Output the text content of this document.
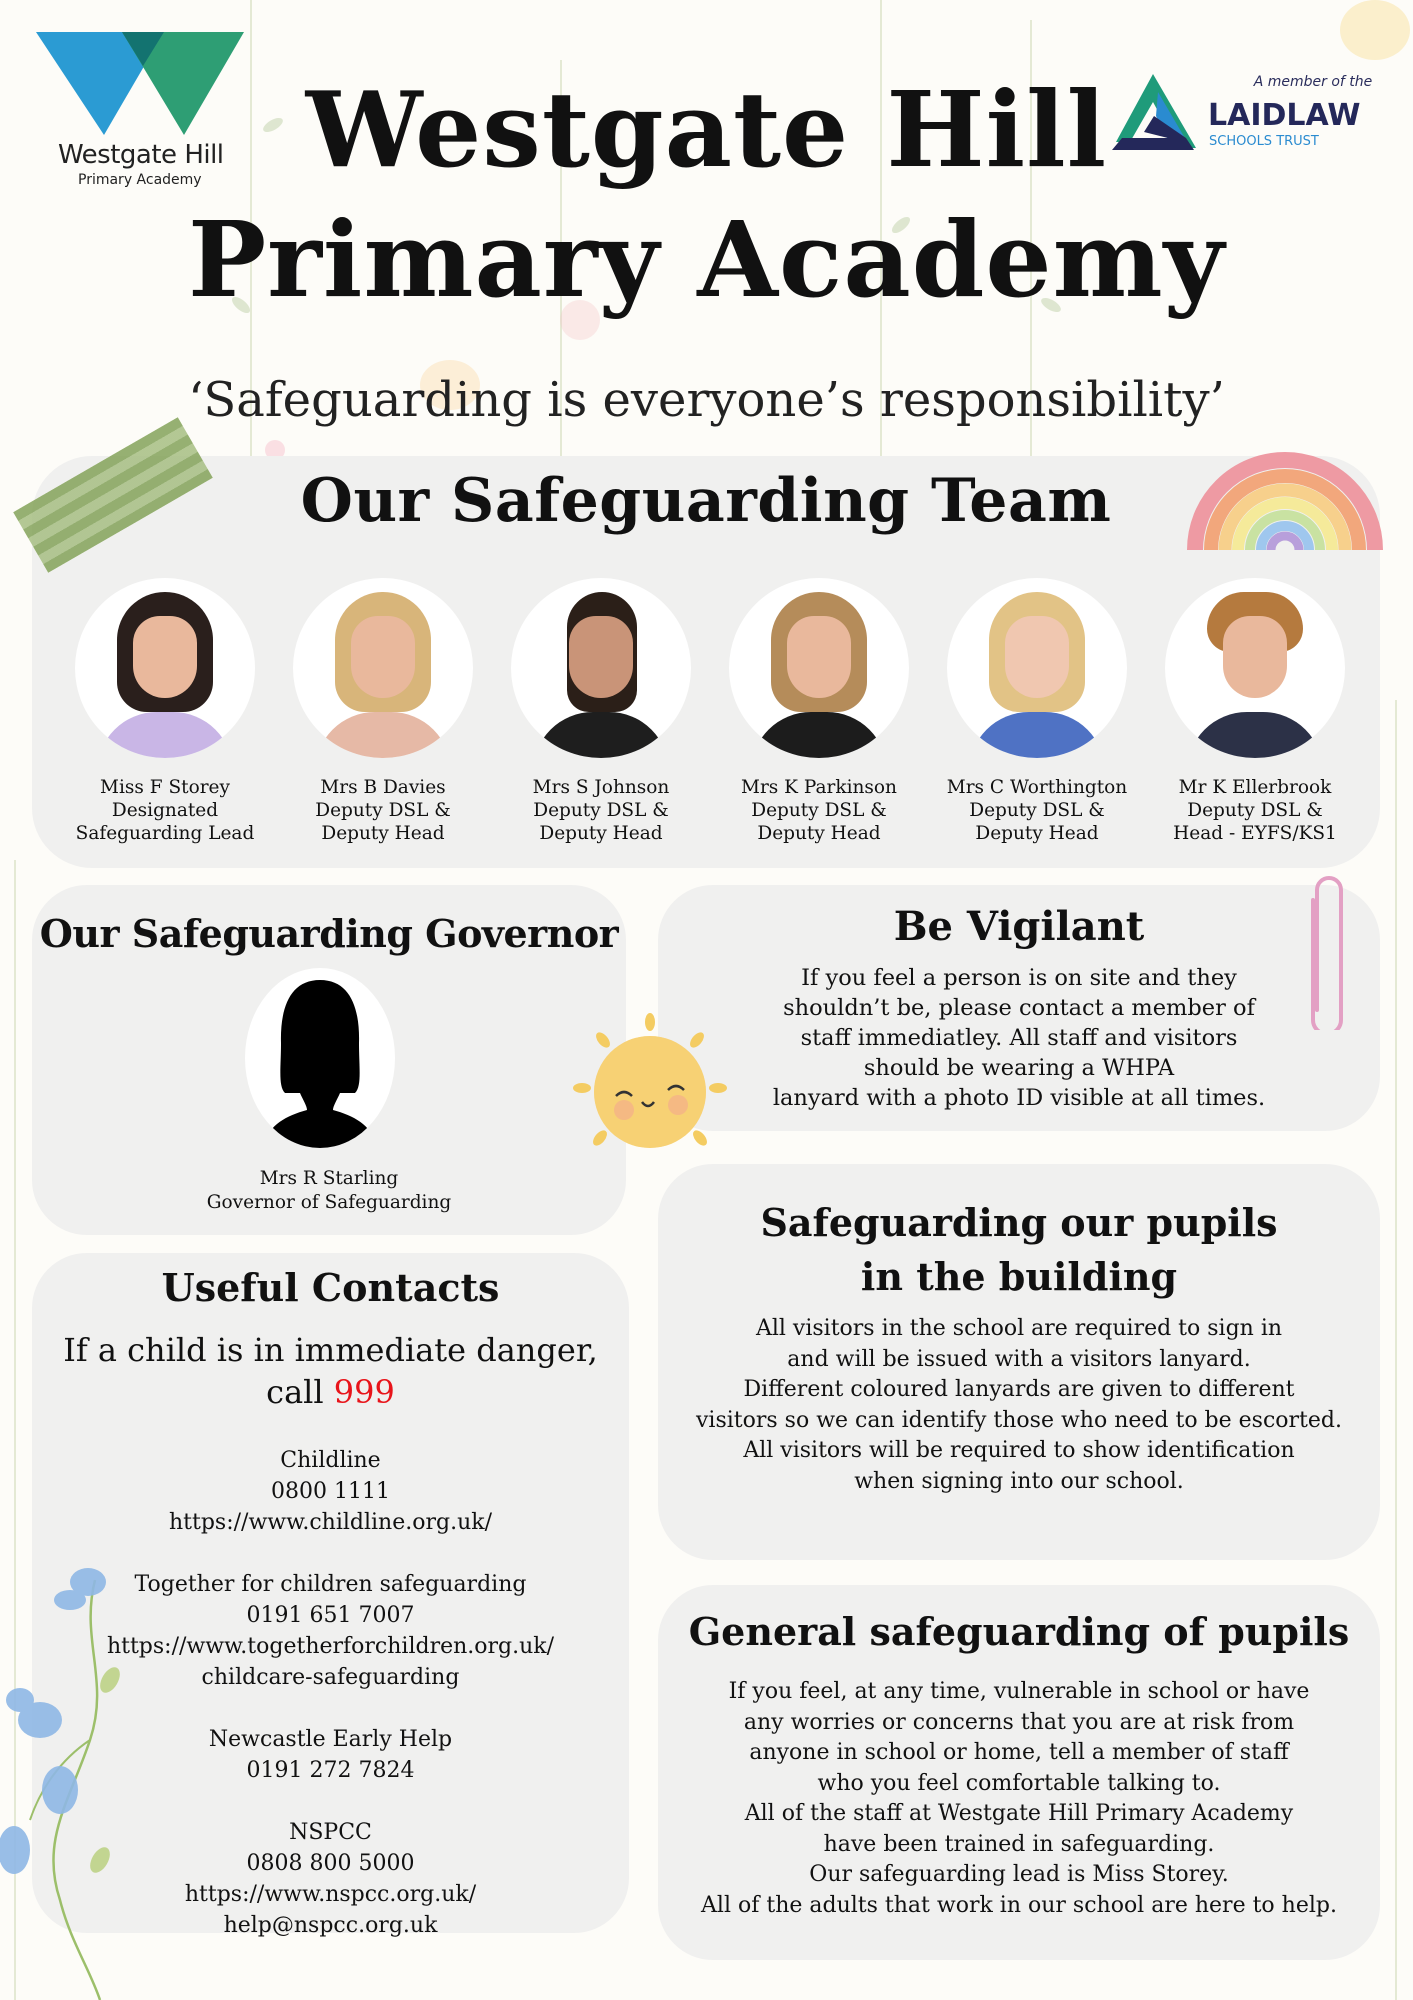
Westgate Hill
Primary Academy
A member of the
LAIDLAW
SCHOOLS TRUST
Westgate Hill
Primary Academy
‘Safeguarding is everyone’s responsibility’
Our Safeguarding Team
Miss F Storey
Designated
Safeguarding Lead
Mrs B Davies
Deputy DSL &
Deputy Head
Mrs S Johnson
Deputy DSL &
Deputy Head
Mrs K Parkinson
Deputy DSL &
Deputy Head
Mrs C Worthington
Deputy DSL &
Deputy Head
Mr K Ellerbrook
Deputy DSL &
Head - EYFS/KS1
Our Safeguarding Governor
Mrs R Starling
Governor of Safeguarding
Be Vigilant
If you feel a person is on site and they
shouldn’t be, please contact a member of
staff immediatley. All staff and visitors
should be wearing a WHPA
lanyard with a photo ID visible at all times.
Useful Contacts
If a child is in immediate danger,
call 999
Childline
0800 1111
https://www.childline.org.uk/
Together for children safeguarding
0191 651 7007
https://www.togetherforchildren.org.uk/
childcare-safeguarding
Newcastle Early Help
0191 272 7824
NSPCC
0808 800 5000
https://www.nspcc.org.uk/
help@nspcc.org.uk
Safeguarding our pupils
in the building
All visitors in the school are required to sign in
and will be issued with a visitors lanyard.
Different coloured lanyards are given to different
visitors so we can identify those who need to be escorted.
All visitors will be required to show identification
when signing into our school.
General safeguarding of pupils
If you feel, at any time, vulnerable in school or have
any worries or concerns that you are at risk from
anyone in school or home, tell a member of staff
who you feel comfortable talking to.
All of the staff at Westgate Hill Primary Academy
have been trained in safeguarding.
Our safeguarding lead is Miss Storey.
All of the adults that work in our school are here to help.
